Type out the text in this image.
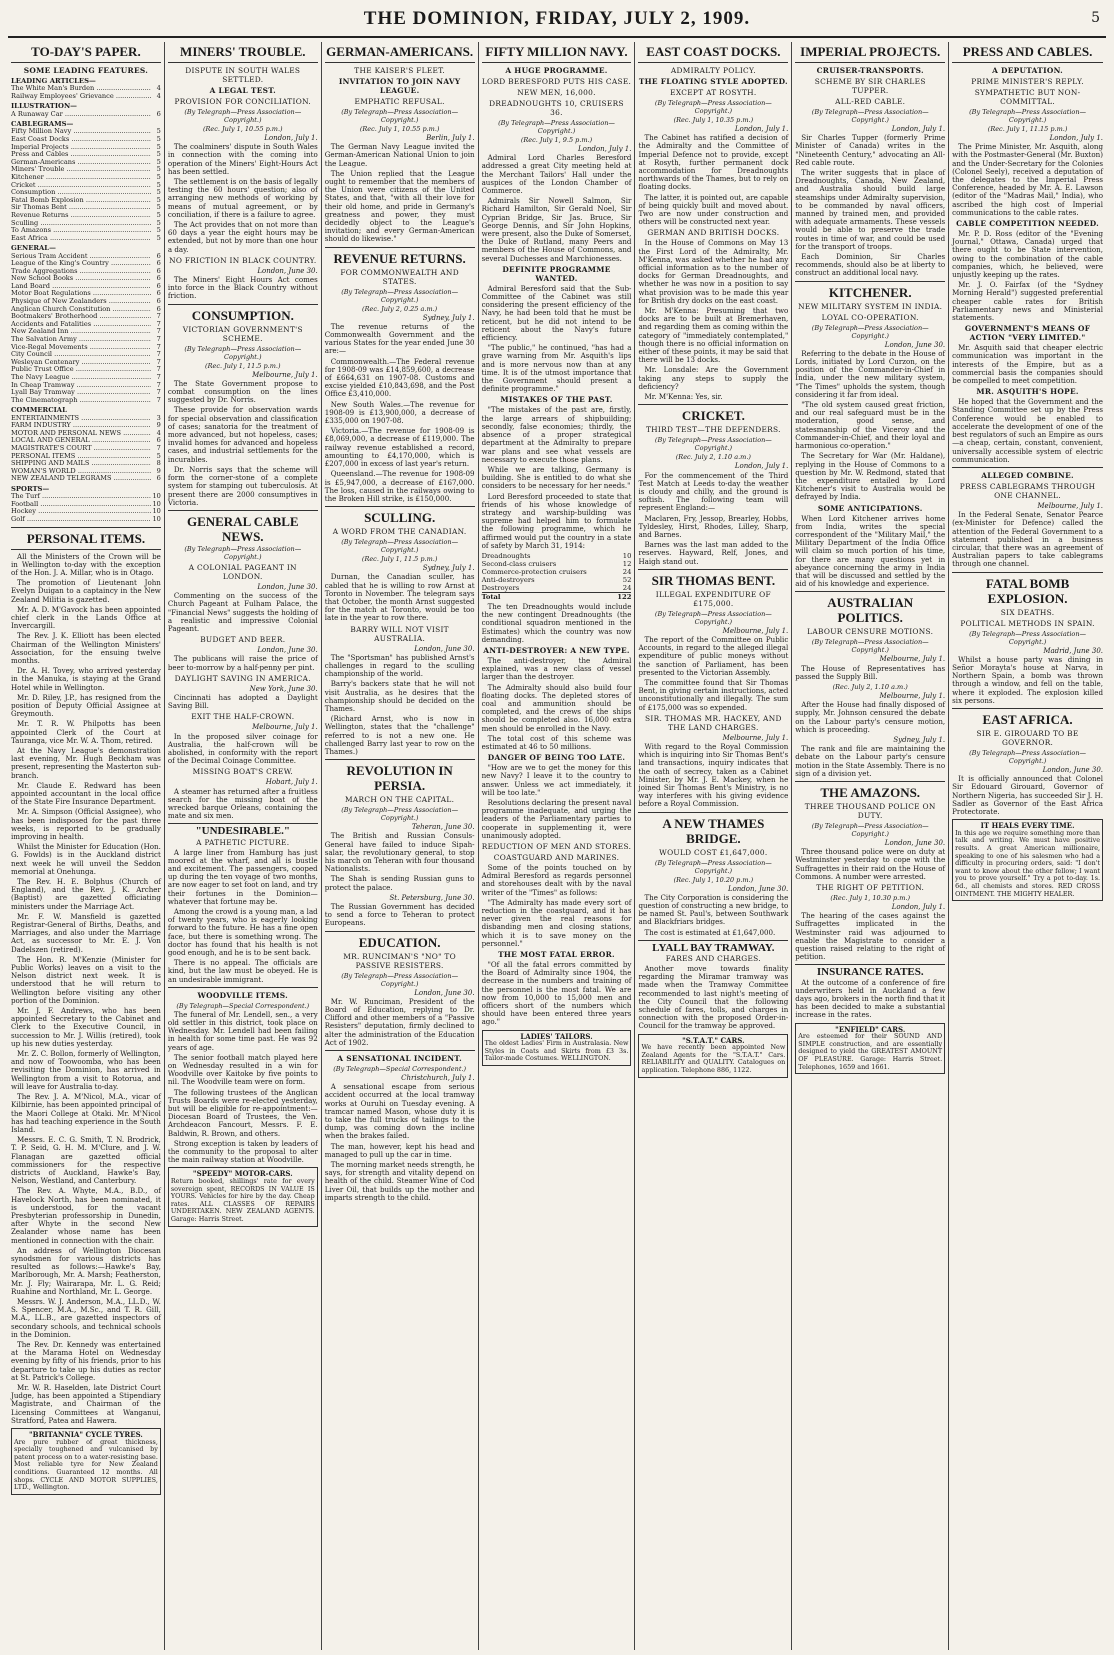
THE DOMINION, FRIDAY, JULY 2, 1909.	5
TO-DAY'S PAPER.
SOME LEADING FEATURES.
LEADING ARTICLES—
The White Man's Burden .....	4
Railway Employees' Grievance .....	4
ILLUSTRATION—
A Runaway Car .....	6
CABLEGRAMS—
Fifty Million Navy .....	5
East Coast Docks .....	5
Imperial Projects .....	5
Press and Cables .....	5
German-Americans .....	5
Miners' Trouble .....	5
Kitchener .....	5
Cricket .....	5
Consumption .....	5
Fatal Bomb Explosion .....	5
Sir Thomas Bent .....	5
Revenue Returns .....	5
Sculling .....	5
To Amazons .....	5
East Africa .....	5
GENERAL—
Serious Tram Accident .....	6
League of the King's Country .....	6
Trade Aggregations .....	6
New School Books .....	6
Land Board .....	6
Motor Boat Regulations .....	6
Physique of New Zealanders .....	6
Anglican Church Constitution .....	6
Bootmakers' Brotherhood .....	7
Accidents and Fatalities .....	7
New Zealand Inn .....	7
The Salvation Army .....	7
Vice-Regal Movements .....	7
City Council .....	7
Wesleyan Centenary .....	7
Public Trust Office .....	7
The Navy League .....	7
In Cheap Tramway .....	7
Lyall Bay Tramway .....	7
The Cinematograph .....	7
COMMERCIAL
ENTERTAINMENTS .....	3
FARM INDUSTRY .....	9
MOTOR AND PERSONAL NEWS .....	4
LOCAL AND GENERAL .....	6
MAGISTRATE'S COURT .....	7
PERSONAL ITEMS .....	5
SHIPPING AND MAILS .....	8
WOMAN'S WORLD .....	9
NEW ZEALAND TELEGRAMS .....	6
SPORTS—
The Turf .....	10
Football .....	10
Hockey .....	10
Golf .....	10
PERSONAL ITEMS.
All the Ministers of the Crown will be in Wellington to-day with the exception of the Hon. J. A. Millar, who is in Otago.
The promotion of Lieutenant John Evelyn Duigan to a captaincy in the New Zealand Militia is gazetted.
Mr. A. D. M'Gavock has been appointed chief clerk in the Lands Office at Invercargill.
The Rev. J. K. Elliott has been elected Chairman of the Wellington Ministers' Association, for the ensuing twelve months.
Dr. A. H. Tovey, who arrived yesterday in the Manuka, is staying at the Grand Hotel while in Wellington.
Mr. D. Riley, J.P., has resigned from the position of Deputy Official Assignee at Greymouth.
Mr. T. R. W. Philpotts has been appointed Clerk of the Court at Tauranga, vice Mr. W. A. Thom, retired.
At the Navy League's demonstration last evening, Mr. Hugh Beckham was present, representing the Masterton sub-branch.
Mr. Claude E. Redward has been appointed accountant in the local office of the State Fire Insurance Department.
Mr. A. Simpson (Official Assignee), who has been indisposed for the past three weeks, is reported to be gradually improving in health.
Whilst the Minister for Education (Hon. G. Fowlds) is in the Auckland district next week he will unveil the Seddon memorial at Onehunga.
The Rev. H. E. Bolphus (Church of England), and the Rev. J. K. Archer (Baptist) are gazetted officiating ministers under the Marriage Act.
Mr. F. W. Mansfield is gazetted Registrar-General of Births, Deaths, and Marriages, and also under the Marriage Act, as successor to Mr. E. J. Von Dadelszen (retired).
The Hon. R. M'Kenzie (Minister for Public Works) leaves on a visit to the Nelson district next week. It is understood that he will return to Wellington before visiting any other portion of the Dominion.
Mr. J. F. Andrews, who has been appointed Secretary to the Cabinet and Clerk to the Executive Council, in succession to Mr. J. Willis (retired), took up his new duties yesterday.
Mr. Z. C. Bollon, formerly of Wellington, and now of Toowoomba, who has been revisiting the Dominion, has arrived in Wellington from a visit to Rotorua, and will leave for Australia to-day.
The Rev. J. A. M'Nicol, M.A., vicar of Kilbirnie, has been appointed principal of the Maori College at Otaki. Mr. M'Nicol has had teaching experience in the South Island.
Messrs. E. C. G. Smith, T. N. Brodrick, T. P. Seid, G. H. M. M'Clure, and J. W. Flanagan are gazetted official commissioners for the respective districts of Auckland, Hawke's Bay, Nelson, Westland, and Canterbury.
The Rev. A. Whyte, M.A., B.D., of Havelock North, has been nominated, it is understood, for the vacant Presbyterian professorship in Dunedin, after Whyte in the second New Zealander whose name has been mentioned in connection with the chair.
An address of Wellington Diocesan synodsmen for various districts has resulted as follows:—Hawke's Bay, Marlborough, Mr. A. Marsh; Featherston, Mr. J. Fly; Wairarapa, Mr. L. G. Reid; Ruahine and Northland, Mr. L. George.
Messrs. W. J. Anderson, M.A., LL.D., W. S. Spencer, M.A., M.Sc., and T. R. Gill, M.A., LL.B., are gazetted inspectors of secondary schools, and technical schools in the Dominion.
The Rev. Dr. Kennedy was entertained at the Marama Hotel on Wednesday evening by fifty of his friends, prior to his departure to take up his duties as rector at St. Patrick's College.
Mr. W. R. Haselden, late District Court Judge, has been appointed a Stipendiary Magistrate, and Chairman of the Licensing Committees at Wanganui, Stratford, Patea and Hawera.
"BRITANNIA" CYCLE TYRES.
Are pure rubber of great thickness, specially toughened and vulcanised by patent process on to a water-resisting base. Most reliable tyre for New Zealand conditions. Guaranteed 12 months. All shops. CYCLE AND MOTOR SUPPLIES, LTD., Wellington.
MINERS' TROUBLE.
DISPUTE IN SOUTH WALES SETTLED.
A LEGAL TEST.
PROVISION FOR CONCILIATION.
(By Telegraph—Press Association—Copyright.)
(Rec. July 1, 10.55 p.m.)
London, July 1.
The coalminers' dispute in South Wales in connection with the coming into operation of the Miners' Eight-Hours Act has been settled.
The settlement is on the basis of legally testing the 60 hours' question; also of arranging new methods of working by means of mutual agreement, or by conciliation, if there is a failure to agree.
The Act provides that on not more than 60 days a year the eight hours may be extended, but not by more than one hour a day.
NO FRICTION IN BLACK COUNTRY.
London, June 30.
The Miners' Eight Hours Act comes into force in the Black Country without friction.
CONSUMPTION.
VICTORIAN GOVERNMENT'S SCHEME.
(By Telegraph—Press Association—Copyright.)
(Rec. July 1, 11.5 p.m.)
Melbourne, July 1.
The State Government propose to combat consumption on the lines suggested by Dr. Norris.
These provide for observation wards for special observation and classification of cases; sanatoria for the treatment of more advanced, but not hopeless, cases; invalid homes for advanced and hopeless cases, and industrial settlements for the incurables.
Dr. Norris says that the scheme will form the corner-stone of a complete system for stamping out tuberculosis. At present there are 2000 consumptives in Victoria.
GENERAL CABLE NEWS.
(By Telegraph—Press Association—Copyright.)
A COLONIAL PAGEANT IN LONDON.
London, June 30.
Commenting on the success of the Church Pageant at Fulham Palace, the "Financial News" suggests the holding of a realistic and impressive Colonial Pageant.
BUDGET AND BEER.
London, June 30.
The publicans will raise the price of beer to-morrow by a half-penny per pint.
DAYLIGHT SAVING IN AMERICA.
New York, June 30.
Cincinnati has adopted a Daylight Saving Bill.
EXIT THE HALF-CROWN.
Melbourne, July 1.
In the proposed silver coinage for Australia, the half-crown will be abolished, in conformity with the report of the Decimal Coinage Committee.
MISSING BOAT'S CREW.
Hobart, July 1.
A steamer has returned after a fruitless search for the missing boat of the wrecked barque Orleans, containing the mate and six men.
"UNDESIRABLE."
A PATHETIC PICTURE.
A large liner from Hamburg has just moored at the wharf, and all is bustle and excitement. The passengers, cooped up during the ten voyage of two months, are now eager to set foot on land, and try their fortunes in the Dominion—whatever that fortune may be.
Among the crowd is a young man, a lad of twenty years, who is eagerly looking forward to the future. He has a fine open face, but there is something wrong. The doctor has found that his health is not good enough, and he is to be sent back.
There is no appeal. The officials are kind, but the law must be obeyed. He is an undesirable immigrant.
WOODVILLE ITEMS.
(By Telegraph—Special Correspondent.)
The funeral of Mr. Lendell, sen., a very old settler in this district, took place on Wednesday. Mr. Lendell had been failing in health for some time past. He was 92 years of age.
The senior football match played here on Wednesday resulted in a win for Woodville over Kaitoke by five points to nil. The Woodville team were on form.
The following trustees of the Anglican Trusts Boards were re-elected yesterday, but will be eligible for re-appointment:—Diocesan Board of Trustees, the Ven. Archdeacon Fancourt, Messrs. F. E. Baldwin, R. Brown, and others.
Strong exception is taken by leaders of the community to the proposal to alter the main railway station at Woodville.
"SPEEDY" MOTOR-CARS.
Return booked, shillings' rate for every sovereign spent, RECORDS IN VALUE IS YOURS. Vehicles for hire by the day. Cheap rates. ALL CLASSES OF REPAIRS UNDERTAKEN. NEW ZEALAND AGENTS. Garage: Harris Street.
GERMAN-AMERICANS.
THE KAISER'S FLEET.
INVITATION TO JOIN NAVY LEAGUE.
EMPHATIC REFUSAL.
(By Telegraph—Press Association—Copyright.)
(Rec. July 1, 10.55 p.m.)
Berlin, July 1.
The German Navy League invited the German-American National Union to join the League.
The Union replied that the League ought to remember that the members of the Union were citizens of the United States, and that, "with all their love for their old home, and pride in Germany's greatness and power, they must decidedly object to the League's invitation; and every German-American should do likewise."
REVENUE RETURNS.
FOR COMMONWEALTH AND STATES.
(By Telegraph—Press Association—Copyright.)
(Rec. July 2, 0.25 a.m.)
Sydney, July 1.
The revenue returns of the Commonwealth Government and the various States for the year ended June 30 are:—
Commonwealth.—The Federal revenue for 1908-09 was £14,859,600, a decrease of £664,631 on 1907-08. Customs and excise yielded £10,843,698, and the Post Office £3,410,000.
New South Wales.—The revenue for 1908-09 is £13,900,000, a decrease of £335,000 on 1907-08.
Victoria.—The revenue for 1908-09 is £8,069,000, a decrease of £119,000. The railway revenue established a record, amounting to £4,170,000, which is £207,000 in excess of last year's return.
Queensland.—The revenue for 1908-09 is £5,947,000, a decrease of £167,000. The loss, caused in the railways owing to the Broken Hill strike, is £150,000.
SCULLING.
A WORD FROM THE CANADIAN.
(By Telegraph—Press Association—Copyright.)
(Rec. July 1, 11.5 p.m.)
Sydney, July 1.
Durnan, the Canadian sculler, has cabled that he is willing to row Arnst at Toronto in November. The telegram says that October, the month Arnst suggested for the match at Toronto, would be too late in the year to row there.
BARRY WILL NOT VISIT AUSTRALIA.
London, June 30.
The "Sportsman" has published Arnst's challenges in regard to the sculling championship of the world.
Barry's backers state that he will not visit Australia, as he desires that the championship should be decided on the Thames.
(Richard Arnst, who is now in Wellington, states that the "challenge" referred to is not a new one. He challenged Barry last year to row on the Thames.)
REVOLUTION IN PERSIA.
MARCH ON THE CAPITAL.
(By Telegraph—Press Association—Copyright.)
Teheran, June 30.
The British and Russian Consuls-General have failed to induce Sipah-salar, the revolutionary general, to stop his march on Teheran with four thousand Nationalists.
The Shah is sending Russian guns to protect the palace.
St. Petersburg, June 30.
The Russian Government has decided to send a force to Teheran to protect Europeans.
EDUCATION.
MR. RUNCIMAN'S "NO" TO PASSIVE RESISTERS.
(By Telegraph—Press Association—Copyright.)
London, June 30.
Mr. W. Runciman, President of the Board of Education, replying to Dr. Clifford and other members of a "Passive Resisters" deputation, firmly declined to alter the administration of the Education Act of 1902.
A SENSATIONAL INCIDENT.
(By Telegraph—Special Correspondent.)
Christchurch, July 1.
A sensational escape from serious accident occurred at the local tramway works at Ouruhi on Tuesday evening. A tramcar named Mason, whose duty it is to take the full trucks of tailings to the dump, was coming down the incline when the brakes failed.
The man, however, kept his head and managed to pull up the car in time.
The morning market needs strength, he says, for strength and vitality depend on health of the child. Steamer Wine of Cod Liver Oil, that builds up the mother and imparts strength to the child.
FIFTY MILLION NAVY.
A HUGE PROGRAMME.
LORD BERESFORD PUTS HIS CASE.
NEW MEN, 16,000.
DREADNOUGHTS 10, CRUISERS 36.
(By Telegraph—Press Association—Copyright.)
(Rec. July 1, 9.5 p.m.)
London, July 1.
Admiral Lord Charles Beresford addressed a great City meeting held at the Merchant Tailors' Hall under the auspices of the London Chamber of Commerce.
Admirals Sir Nowell Salmon, Sir Richard Hamilton, Sir Gerald Noel, Sir Cyprian Bridge, Sir Jas. Bruce, Sir George Dennis, and Sir John Hopkins, were present, also the Duke of Somerset, the Duke of Rutland, many Peers and members of the House of Commons, and several Duchesses and Marchionesses.
DEFINITE PROGRAMME WANTED.
Admiral Beresford said that the Sub-Committee of the Cabinet was still considering the present efficiency of the Navy, he had been told that he must be reticent, but he did not intend to be reticent about the Navy's future efficiency.
"The public," he continued, "has had a grave warning from Mr. Asquith's lips and is more nervous now than at any time. It is of the utmost importance that the Government should present a definite programme."
MISTAKES OF THE PAST.
"The mistakes of the past are, firstly, the large arrears of shipbuilding; secondly, false economies; thirdly, the absence of a proper strategical department at the Admiralty to prepare war plans and see what vessels are necessary to execute those plans.
While we are talking, Germany is building. She is entitled to do what she considers to be necessary for her needs."
Lord Beresford proceeded to state that friends of his whose knowledge of strategy and warship-building was supreme had helped him to formulate the following programme, which he affirmed would put the country in a state of safety by March 31, 1914:
Dreadnoughts	10
Second-class cruisers	12
Commerce-protection cruisers	24
Anti-destroyers	52
Destroyers	24
Total	122
The ten Dreadnoughts would include the new contingent Dreadnoughts (the conditional squadron mentioned in the Estimates) which the country was now demanding.
ANTI-DESTROYER: A NEW TYPE.
The anti-destroyer, the Admiral explained, was a new class of vessel larger than the destroyer.
The Admiralty should also build four floating docks. The depleted stores of coal and ammunition should be completed, and the crews of the ships should be completed also. 16,000 extra men should be enrolled in the Navy.
The total cost of this scheme was estimated at 46 to 50 millions.
DANGER OF BEING TOO LATE.
"How are we to get the money for this new Navy? I leave it to the country to answer. Unless we act immediately, it will be too late."
Resolutions declaring the present naval programme inadequate, and urging the leaders of the Parliamentary parties to cooperate in supplementing it, were unanimously adopted.
REDUCTION OF MEN AND STORES.
COASTGUARD AND MARINES.
Some of the points touched on by Admiral Beresford as regards personnel and storehouses dealt with by the naval writer of the "Times" as follows:
"The Admiralty has made every sort of reduction in the coastguard, and it has never given the real reasons for disbanding men and closing stations, which it is to save money on the personnel."
THE MOST FATAL ERROR.
"Of all the fatal errors committed by the Board of Admiralty since 1904, the decrease in the numbers and training of the personnel is the most fatal. We are now from 10,000 to 15,000 men and officers short of the numbers which should have been entered three years ago."
LADIES' TAILORS.
The oldest Ladies' Firm in Australasia. New Styles in Coats and Skirts from £3 3s. Tailor-made Costumes. WELLINGTON.
EAST COAST DOCKS.
ADMIRALTY POLICY.
THE FLOATING STYLE ADOPTED.
EXCEPT AT ROSYTH.
(By Telegraph—Press Association—Copyright.)
(Rec. July 1, 10.35 p.m.)
London, July 1.
The Cabinet has ratified a decision of the Admiralty and the Committee of Imperial Defence not to provide, except at Rosyth, further permanent dock accommodation for Dreadnoughts northwards of the Thames, but to rely on floating docks.
The latter, it is pointed out, are capable of being quickly built and moved about. Two are now under construction and others will be constructed next year.
GERMAN AND BRITISH DOCKS.
In the House of Commons on May 13 the First Lord of the Admiralty, Mr. M'Kenna, was asked whether he had any official information as to the number of docks for German Dreadnoughts, and whether he was now in a position to say what provision was to be made this year for British dry docks on the east coast.
Mr. M'Kenna: Presuming that two docks are to be built at Bremerhaven, and regarding them as coming within the category of "immediately contemplated," though there is no official information on either of these points, it may be said that there will be 13 docks.
Mr. Lonsdale: Are the Government taking any steps to supply the deficiency?
Mr. M'Kenna: Yes, sir.
CRICKET.
THIRD TEST—THE DEFENDERS.
(By Telegraph—Press Association—Copyright.)
(Rec. July 2, 1.10 a.m.)
London, July 1.
For the commencement of the Third Test Match at Leeds to-day the weather is cloudy and chilly, and the ground is softish. The following team will represent England:—
Maclaren, Fry, Jessop, Brearley, Hobbs, Tyldesley, Hirst, Rhodes, Lilley, Sharp, and Barnes.
Barnes was the last man added to the reserves. Hayward, Relf, Jones, and Haigh stand out.
SIR THOMAS BENT.
ILLEGAL EXPENDITURE OF £175,000.
(By Telegraph—Press Association—Copyright.)
Melbourne, July 1.
The report of the Committee on Public Accounts, in regard to the alleged illegal expenditure of public moneys without the sanction of Parliament, has been presented to the Victorian Assembly.
The committee found that Sir Thomas Bent, in giving certain instructions, acted unconstitutionally and illegally. The sum of £175,000 was so expended.
SIR. THOMAS MR. HACKEY, AND THE LAND CHARGES.
Melbourne, July 1.
With regard to the Royal Commission which is inquiring into Sir Thomas Bent's land transactions, inquiry indicates that the oath of secrecy, taken as a Cabinet Minister, by Mr. J. E. Mackey, when he joined Sir Thomas Bent's Ministry, is no way interferes with his giving evidence before a Royal Commission.
A NEW THAMES BRIDGE.
WOULD COST £1,647,000.
(By Telegraph—Press Association—Copyright.)
(Rec. July 1, 10.20 p.m.)
London, June 30.
The City Corporation is considering the question of constructing a new bridge, to be named St. Paul's, between Southwark and Blackfriars bridges.
The cost is estimated at £1,647,000.
LYALL BAY TRAMWAY.
FARES AND CHARGES.
Another move towards finality regarding the Miramar tramway was made when the Tramway Committee recommended to last night's meeting of the City Council that the following schedule of fares, tolls, and charges in connection with the proposed Order-in-Council for the tramway be approved.
"S.T.A.T." CARS.
We have recently been appointed New Zealand Agents for the "S.T.A.T." Cars. RELIABILITY and QUALITY. Catalogues on application. Telephone 886, 1122.
IMPERIAL PROJECTS.
CRUISER-TRANSPORTS.
SCHEME BY SIR CHARLES TUPPER.
ALL-RED CABLE.
(By Telegraph—Press Association—Copyright.)
London, July 1.
Sir Charles Tupper (formerly Prime Minister of Canada) writes in the "Nineteenth Century," advocating an All-Red cable route.
The writer suggests that in place of Dreadnoughts, Canada, New Zealand, and Australia should build large steamships under Admiralty supervision, to be commanded by naval officers, manned by trained men, and provided with adequate armaments. These vessels would be able to preserve the trade routes in time of war, and could be used for the transport of troops.
Each Dominion, Sir Charles recommends, should also be at liberty to construct an additional local navy.
KITCHENER.
NEW MILITARY SYSTEM IN INDIA.
LOYAL CO-OPERATION.
(By Telegraph—Press Association—Copyright.)
London, June 30.
Referring to the debate in the House of Lords, initiated by Lord Curzon, on the position of the Commander-in-Chief in India, under the new military system, "The Times" upholds the system, though considering it far from ideal.
"The old system caused great friction, and our real safeguard must be in the moderation, good sense, and statesmanship of the Viceroy and the Commander-in-Chief, and their loyal and harmonious co-operation."
The Secretary for War (Mr. Haldane), replying in the House of Commons to a question by Mr. W. Redmond, stated that the expenditure entailed by Lord Kitchener's visit to Australia would be defrayed by India.
SOME ANTICIPATIONS.
When Lord Kitchener arrives home from India, writes the special correspondent of the "Military Mail," the Military Department of the India Office will claim so much portion of his time, for there are many questions yet in abeyance concerning the army in India that will be discussed and settled by the aid of his knowledge and experience.
AUSTRALIAN POLITICS.
LABOUR CENSURE MOTIONS.
(By Telegraph—Press Association—Copyright.)
Melbourne, July 1.
The House of Representatives has passed the Supply Bill.
(Rec. July 2, 1.10 a.m.)
Melbourne, July 1.
After the House had finally disposed of supply, Mr. Johnson censured the debate on the Labour party's censure motion, which is proceeding.
Sydney, July 1.
The rank and file are maintaining the debate on the Labour party's censure motion in the State Assembly. There is no sign of a division yet.
THE AMAZONS.
THREE THOUSAND POLICE ON DUTY.
(By Telegraph—Press Association—Copyright.)
London, June 30.
Three thousand police were on duty at Westminster yesterday to cope with the Suffragettes in their raid on the House of Commons. A number were arrested.
THE RIGHT OF PETITION.
(Rec. July 1, 10.30 p.m.)
London, July 1.
The hearing of the cases against the Suffragettes implicated in the Westminster raid was adjourned to enable the Magistrate to consider a question raised relating to the right of petition.
INSURANCE RATES.
At the outcome of a conference of fire underwriters held in Auckland a few days ago, brokers in the north find that it has been decided to make a substantial increase in the rates.
"ENFIELD" CARS.
Are esteemed for their SOUND AND SIMPLE construction, and are essentially designed to yield the GREATEST AMOUNT OF PLEASURE. Garage: Harris Street. Telephones, 1659 and 1661.
PRESS AND CABLES.
A DEPUTATION.
PRIME MINISTER'S REPLY.
SYMPATHETIC BUT NON-COMMITTAL.
(By Telegraph—Press Association—Copyright.)
(Rec. July 1, 11.15 p.m.)
London, July 1.
The Prime Minister, Mr. Asquith, along with the Postmaster-General (Mr. Buxton) and the Under-Secretary for the Colonies (Colonel Seely), received a deputation of the delegates to the Imperial Press Conference, headed by Mr. A. E. Lawson (editor of the "Madras Mail," India), who ascribed the high cost of Imperial communications to the cable rates.
CABLE COMPETITION NEEDED.
Mr. P. D. Ross (editor of the "Evening Journal," Ottawa, Canada) urged that there ought to be State intervention, owing to the combination of the cable companies, which, he believed, were unjustly keeping up the rates.
Mr. J. O. Fairfax (of the "Sydney Morning Herald") suggested preferential cheaper cable rates for British Parliamentary news and Ministerial statements.
GOVERNMENT'S MEANS OF ACTION "VERY LIMITED."
Mr. Asquith said that cheaper electric communication was important in the interests of the Empire, but as a commercial basis the companies should be compelled to meet competition.
MR. ASQUITH'S HOPE.
He hoped that the Government and the Standing Committee set up by the Press Conference would be enabled to accelerate the development of one of the best regulators of such an Empire as ours—a cheap, certain, constant, convenient, universally accessible system of electric communication.
ALLEGED COMBINE.
PRESS CABLEGRAMS THROUGH ONE CHANNEL.
Melbourne, July 1.
In the Federal Senate, Senator Pearce (ex-Minister for Defence) called the attention of the Federal Government to a statement published in a business circular, that there was an agreement of Australian papers to take cablegrams through one channel.
FATAL BOMB EXPLOSION.
SIX DEATHS.
POLITICAL METHODS IN SPAIN.
(By Telegraph—Press Association—Copyright.)
Madrid, June 30.
Whilst a house party was dining in Señor Morayta's house at Narva, in Northern Spain, a bomb was thrown through a window, and fell on the table, where it exploded. The explosion killed six persons.
EAST AFRICA.
SIR E. GIROUARD TO BE GOVERNOR.
(By Telegraph—Press Association—Copyright.)
London, June 30.
It is officially announced that Colonel Sir Edouard Girouard, Governor of Northern Nigeria, has succeeded Sir J. H. Sadler as Governor of the East Africa Protectorate.
IT HEALS EVERY TIME.
In this age we require something more than talk and writing. We must have positive results. A great American millionaire, speaking to one of his salesmen who had a difficulty in procuring orders, said: "I don't want to know about the other fellow; I want you to prove yourself." Try a pot to-day. 1s. 6d., all chemists and stores. RED CROSS OINTMENT. THE MIGHTY HEALER.
